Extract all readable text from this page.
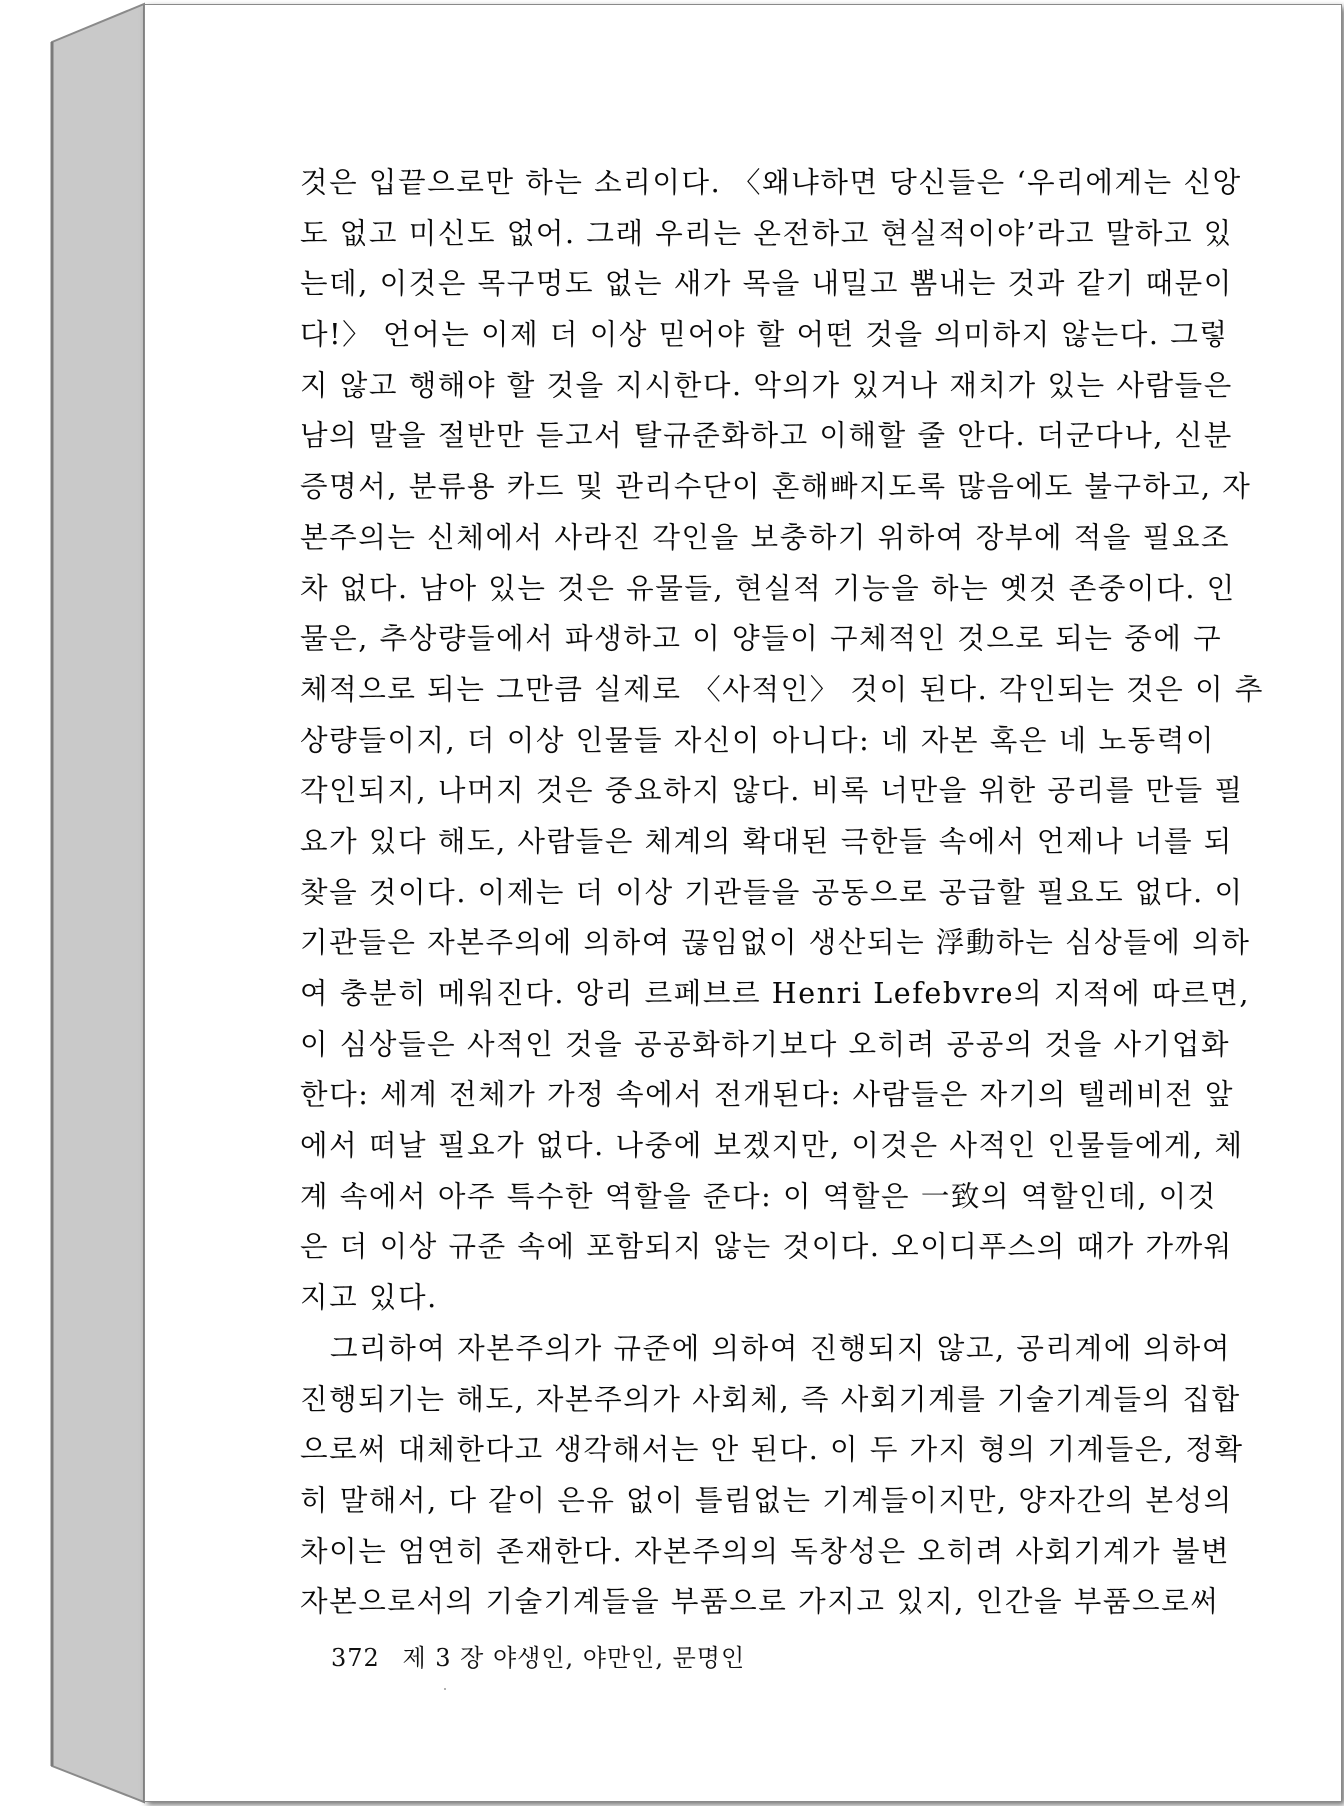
것은 입끝으로만 하는 소리이다. 〈왜냐하면 당신들은 ‘우리에게는 신앙
도 없고 미신도 없어. 그래 우리는 온전하고 현실적이야’라고 말하고 있
는데, 이것은 목구멍도 없는 새가 목을 내밀고 뽐내는 것과 같기 때문이
다!〉 언어는 이제 더 이상 믿어야 할 어떤 것을 의미하지 않는다. 그렇
지 않고 행해야 할 것을 지시한다. 악의가 있거나 재치가 있는 사람들은
남의 말을 절반만 듣고서 탈규준화하고 이해할 줄 안다. 더군다나, 신분
증명서, 분류용 카드 및 관리수단이 혼해빠지도록 많음에도 불구하고, 자
본주의는 신체에서 사라진 각인을 보충하기 위하여 장부에 적을 필요조
차 없다. 남아 있는 것은 유물들, 현실적 기능을 하는 옛것 존중이다. 인
물은, 추상량들에서 파생하고 이 양들이 구체적인 것으로 되는 중에 구
체적으로 되는 그만큼 실제로 〈사적인〉 것이 된다. 각인되는 것은 이 추
상량들이지, 더 이상 인물들 자신이 아니다: 네 자본 혹은 네 노동력이
각인되지, 나머지 것은 중요하지 않다. 비록 너만을 위한 공리를 만들 필
요가 있다 해도, 사람들은 체계의 확대된 극한들 속에서 언제나 너를 되
찾을 것이다. 이제는 더 이상 기관들을 공동으로 공급할 필요도 없다. 이
기관들은 자본주의에 의하여 끊임없이 생산되는 浮動하는 심상들에 의하
여 충분히 메워진다. 앙리 르페브르 Henri Lefebvre의 지적에 따르면,
이 심상들은 사적인 것을 공공화하기보다 오히려 공공의 것을 사기업화
한다: 세계 전체가 가정 속에서 전개된다: 사람들은 자기의 텔레비전 앞
에서 떠날 필요가 없다. 나중에 보겠지만, 이것은 사적인 인물들에게, 체
계 속에서 아주 특수한 역할을 준다: 이 역할은 一致의 역할인데, 이것
은 더 이상 규준 속에 포함되지 않는 것이다. 오이디푸스의 때가 가까워
지고 있다.
그리하여 자본주의가 규준에 의하여 진행되지 않고, 공리계에 의하여
진행되기는 해도, 자본주의가 사회체, 즉 사회기계를 기술기계들의 집합
으로써 대체한다고 생각해서는 안 된다. 이 두 가지 형의 기계들은, 정확
히 말해서, 다 같이 은유 없이 틀림없는 기계들이지만, 양자간의 본성의
차이는 엄연히 존재한다. 자본주의의 독창성은 오히려 사회기계가 불변
자본으로서의 기술기계들을 부품으로 가지고 있지, 인간을 부품으로써
372 제 3 장 야생인, 야만인, 문명인
